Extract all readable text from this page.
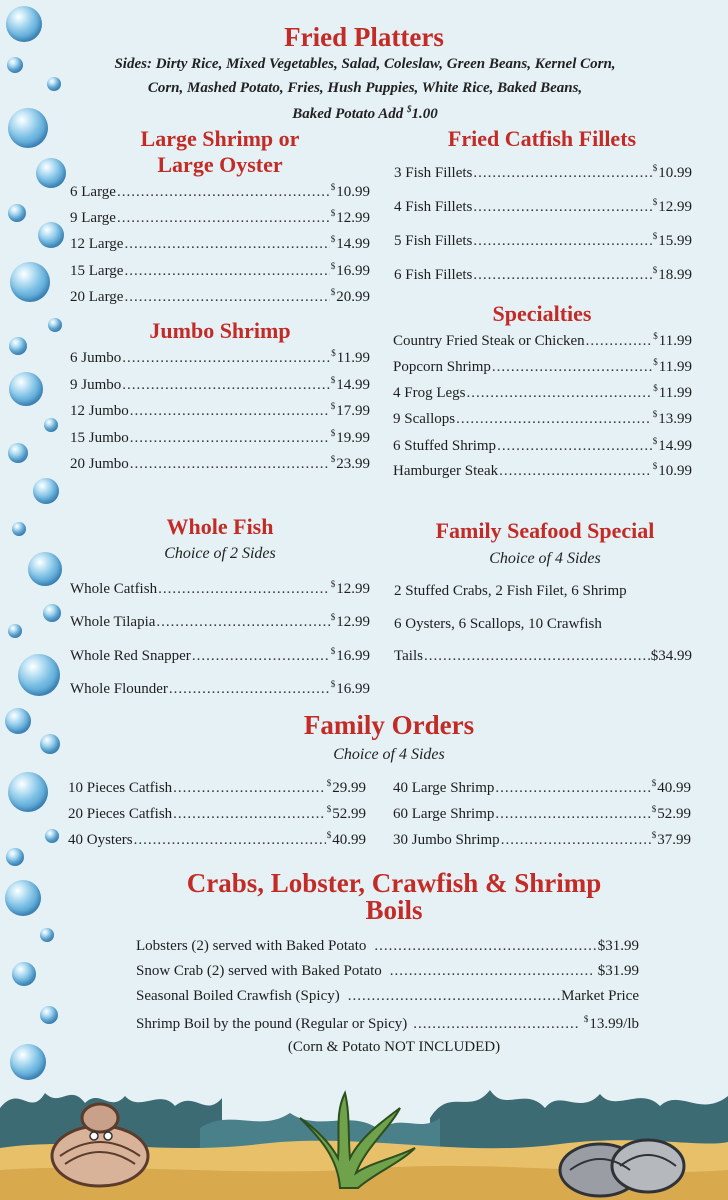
Fried Platters
Sides: Dirty Rice, Mixed Vegetables, Salad, Coleslaw, Green Beans, Kernel Corn,
Corn, Mashed Potato, Fries, Hush Puppies, White Rice, Baked Beans,
Baked Potato Add $1.00
Large Shrimp or
Large Oyster
6 Large .....	$10.99
9 Large .....	$12.99
12 Large .....	$14.99
15 Large .....	$16.99
20 Large .....	$20.99
Jumbo Shrimp
6 Jumbo .....	$11.99
9 Jumbo .....	$14.99
12 Jumbo .....	$17.99
15 Jumbo .....	$19.99
20 Jumbo .....	$23.99
Fried Catfish Fillets
3 Fish Fillets .....	$10.99
4 Fish Fillets .....	$12.99
5 Fish Fillets .....	$15.99
6 Fish Fillets .....	$18.99
Specialties
Country Fried Steak or Chicken .....	$11.99
Popcorn Shrimp .....	$11.99
4 Frog Legs .....	$11.99
9 Scallops .....	$13.99
6 Stuffed Shrimp .....	$14.99
Hamburger Steak .....	$10.99
Whole Fish
Choice of 2 Sides
Whole Catfish .....	$12.99
Whole Tilapia .....	$12.99
Whole Red Snapper .....	$16.99
Whole Flounder .....	$16.99
Family Seafood Special
Choice of 4 Sides
2 Stuffed Crabs, 2 Fish Filet, 6 Shrimp
6 Oysters, 6 Scallops, 10 Crawfish
Tails .....	$34.99
Family Orders
Choice of 4 Sides
10 Pieces Catfish .....	$29.99
20 Pieces Catfish .....	$52.99
40 Oysters .....	$40.99
40 Large Shrimp .....	$40.99
60 Large Shrimp .....	$52.99
30 Jumbo Shrimp .....	$37.99
Crabs, Lobster, Crawfish & Shrimp
Boils
Lobsters (2) served with Baked Potato .....	$31.99
Snow Crab (2) served with Baked Potato .....	$31.99
Seasonal Boiled Crawfish (Spicy) .....	Market Price
Shrimp Boil by the pound (Regular or Spicy) .....	$13.99/lb
(Corn & Potato NOT INCLUDED)
